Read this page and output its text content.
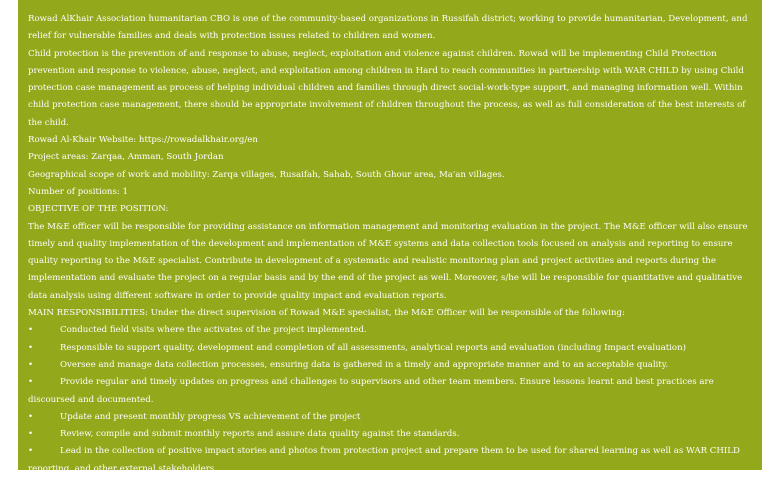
Rowad AlKhair Association humanitarian CBO is one of the community-based organizations in Russifah district; working to provide humanitarian, Development, and relief for vulnerable families and deals with protection issues related to children and women.

Child protection is the prevention of and response to abuse, neglect, exploitation and violence against children. Rowad will be implementing Child Protection prevention and response to violence, abuse, neglect, and exploitation among children in Hard to reach communities in partnership with WAR CHILD by using Child protection case management as process of helping individual children and families through direct social-work-type support, and managing information well. Within child protection case management, there should be appropriate involvement of children throughout the process, as well as full consideration of the best interests of the child.

Rowad Al-Khair Website: https://rowadalkhair.org/en

Project areas: Zarqaa, Amman, South Jordan

Geographical scope of work and mobility: Zarqa villages, Rusaifah, Sahab, South Ghour area, Ma'an villages.

Number of positions: 1

OBJECTIVE OF THE POSITION:

The M&E officer will be responsible for providing assistance on information management and monitoring evaluation in the project. The M&E officer will also ensure timely and quality implementation of the development and implementation of M&E systems and data collection tools focused on analysis and reporting to ensure quality reporting to the M&E specialist. Contribute in development of a systematic and realistic monitoring plan and project activities and reports during the implementation and evaluate the project on a regular basis and by the end of the project as well. Moreover, s/he will be responsible for quantitative and qualitative data analysis using different software in order to provide quality impact and evaluation reports.

MAIN RESPONSIBILITIES: Under the direct supervision of Rowad M&E specialist, the M&E Officer will be responsible of the following:

•	Conducted field visits where the activates of the project implemented.

•	Responsible to support quality, development and completion of all assessments, analytical reports and evaluation (including Impact evaluation)

•	Oversee and manage data collection processes, ensuring data is gathered in a timely and appropriate manner and to an acceptable quality.

•	Provide regular and timely updates on progress and challenges to supervisors and other team members. Ensure lessons learnt and best practices are discoursed and documented.

•	Update and present monthly progress VS achievement of the project

•	Review, compile and submit monthly reports and assure data quality against the standards.

•	Lead in the collection of positive impact stories and photos from protection project and prepare them to be used for shared learning as well as WAR CHILD reporting, and other external stakeholders.

•	Conduct internal spot-check, audits visits and satisfaction surveys
